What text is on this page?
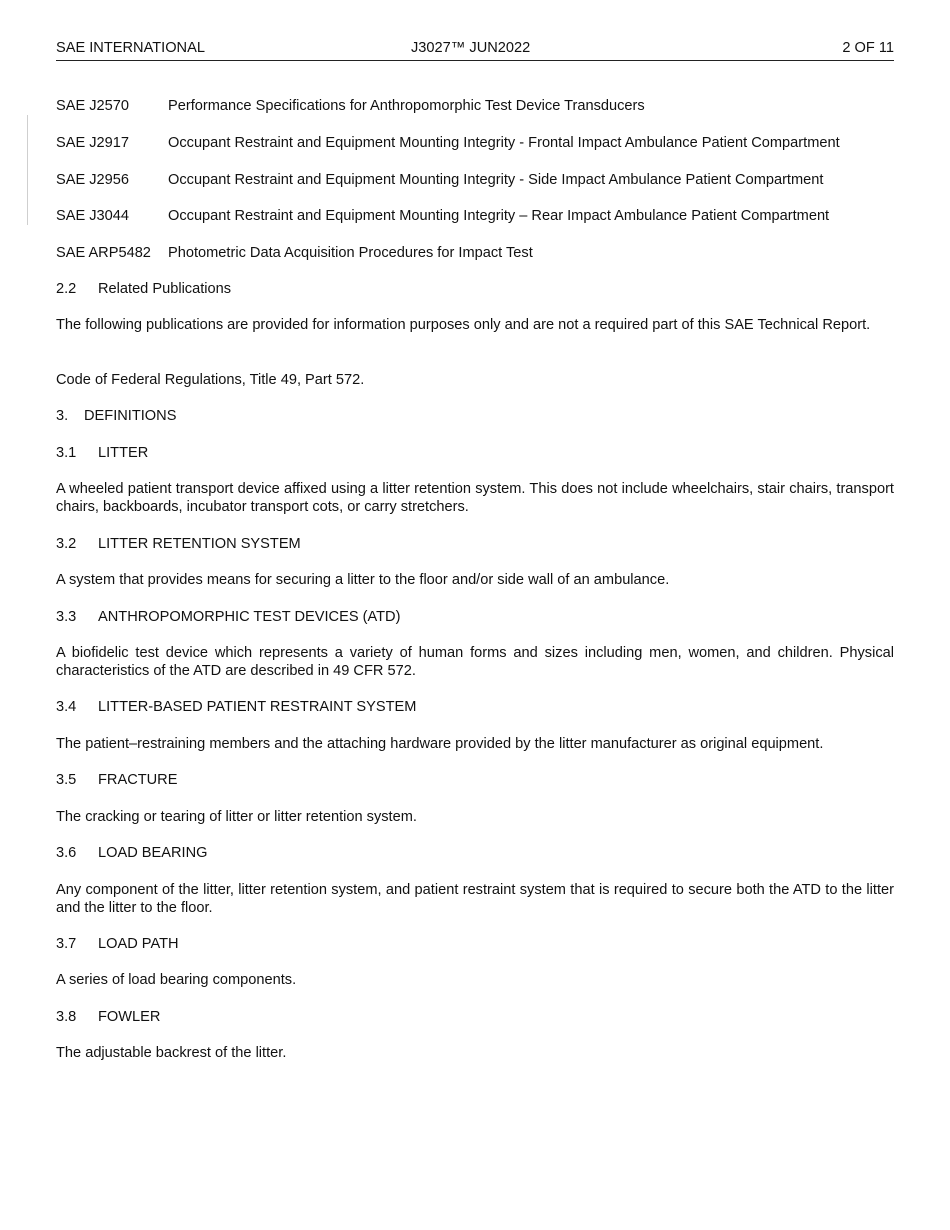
SAE INTERNATIONAL	J3027™ JUN2022	2 OF 11
SAE J2570	Performance Specifications for Anthropomorphic Test Device Transducers
SAE J2917	Occupant Restraint and Equipment Mounting Integrity - Frontal Impact Ambulance Patient Compartment
SAE J2956	Occupant Restraint and Equipment Mounting Integrity - Side Impact Ambulance Patient Compartment
SAE J3044	Occupant Restraint and Equipment Mounting Integrity – Rear Impact Ambulance Patient Compartment
SAE ARP5482 Photometric Data Acquisition Procedures for Impact Test
2.2 Related Publications
The following publications are provided for information purposes only and are not a required part of this SAE Technical Report.
Code of Federal Regulations, Title 49, Part 572.
3. DEFINITIONS
3.1 LITTER
A wheeled patient transport device affixed using a litter retention system. This does not include wheelchairs, stair chairs, transport chairs, backboards, incubator transport cots, or carry stretchers.
3.2 LITTER RETENTION SYSTEM
A system that provides means for securing a litter to the floor and/or side wall of an ambulance.
3.3 ANTHROPOMORPHIC TEST DEVICES (ATD)
A biofidelic test device which represents a variety of human forms and sizes including men, women, and children. Physical characteristics of the ATD are described in 49 CFR 572.
3.4 LITTER-BASED PATIENT RESTRAINT SYSTEM
The patient–restraining members and the attaching hardware provided by the litter manufacturer as original equipment.
3.5 FRACTURE
The cracking or tearing of litter or litter retention system.
3.6 LOAD BEARING
Any component of the litter, litter retention system, and patient restraint system that is required to secure both the ATD to the litter and the litter to the floor.
3.7 LOAD PATH
A series of load bearing components.
3.8 FOWLER
The adjustable backrest of the litter.
